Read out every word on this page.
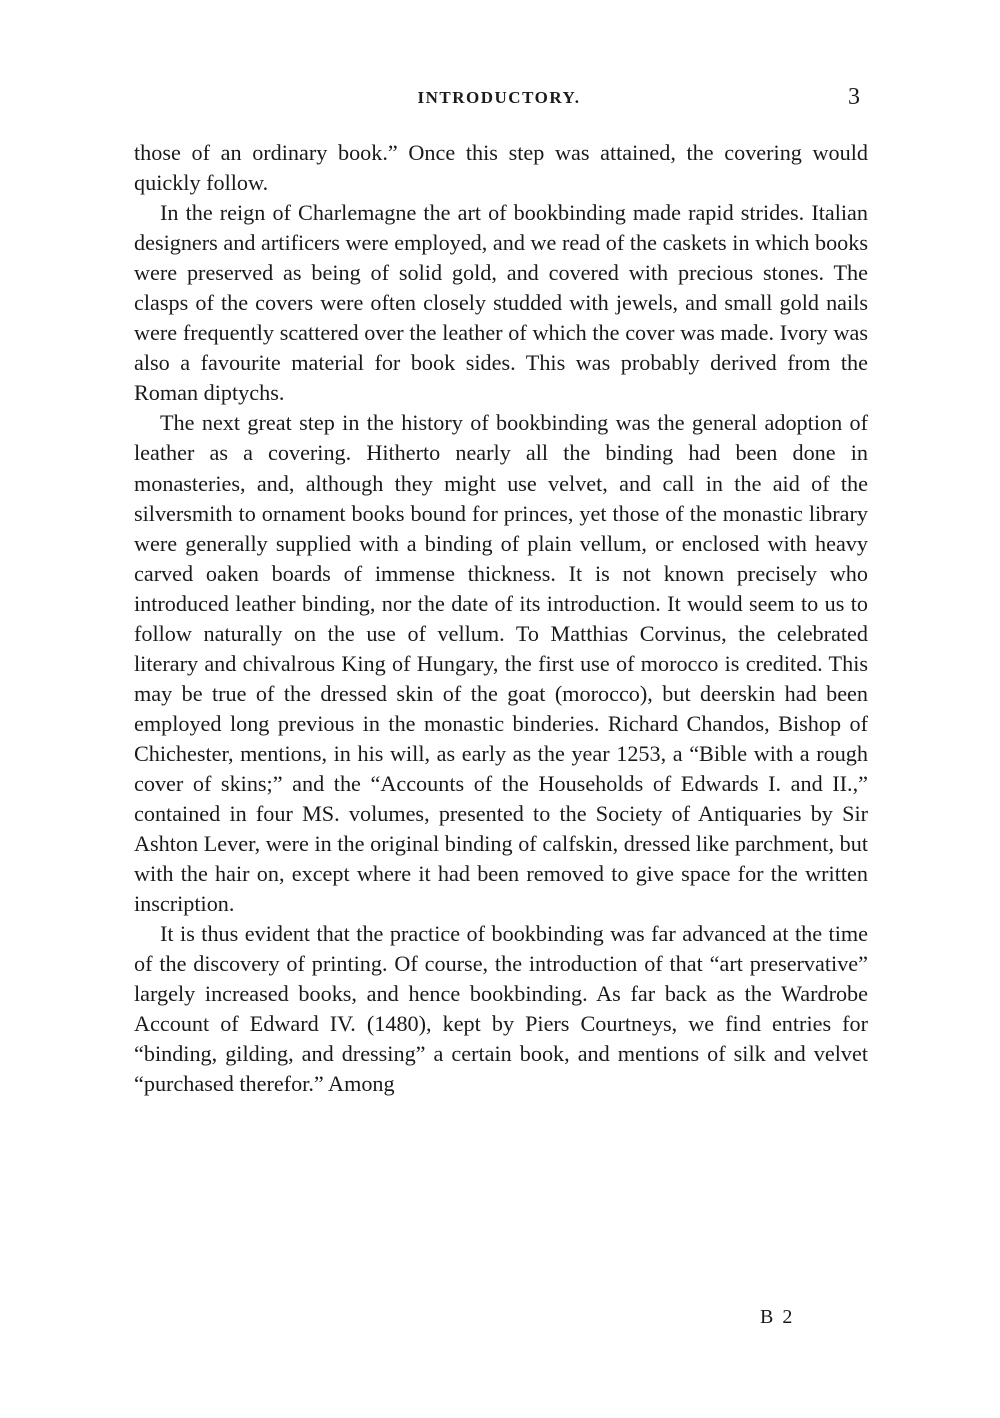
INTRODUCTORY.	3

those of an ordinary book.” Once this step was attained, the covering would quickly follow.

In the reign of Charlemagne the art of bookbinding made rapid strides. Italian designers and artificers were employed, and we read of the caskets in which books were preserved as being of solid gold, and covered with precious stones. The clasps of the covers were often closely studded with jewels, and small gold nails were frequently scattered over the leather of which the cover was made. Ivory was also a favourite material for book sides. This was probably derived from the Roman diptychs.

The next great step in the history of bookbinding was the general adoption of leather as a covering. Hitherto nearly all the binding had been done in monasteries, and, although they might use velvet, and call in the aid of the silversmith to ornament books bound for princes, yet those of the monastic library were generally supplied with a binding of plain vellum, or enclosed with heavy carved oaken boards of immense thickness. It is not known precisely who introduced leather binding, nor the date of its introduction. It would seem to us to follow naturally on the use of vellum. To Matthias Corvinus, the celebrated literary and chivalrous King of Hungary, the first use of morocco is credited. This may be true of the dressed skin of the goat (morocco), but deerskin had been employed long previous in the monastic binderies. Richard Chandos, Bishop of Chichester, mentions, in his will, as early as the year 1253, a “Bible with a rough cover of skins;” and the “Accounts of the Households of Edwards I. and II.,” contained in four MS. volumes, presented to the Society of Antiquaries by Sir Ashton Lever, were in the original binding of calfskin, dressed like parchment, but with the hair on, except where it had been removed to give space for the written inscription.

It is thus evident that the practice of bookbinding was far advanced at the time of the discovery of printing. Of course, the introduction of that “art preservative” largely increased books, and hence bookbinding. As far back as the Wardrobe Account of Edward IV. (1480), kept by Piers Courtneys, we find entries for “binding, gilding, and dressing” a certain book, and mentions of silk and velvet “purchased therefor.” Among

B 2
